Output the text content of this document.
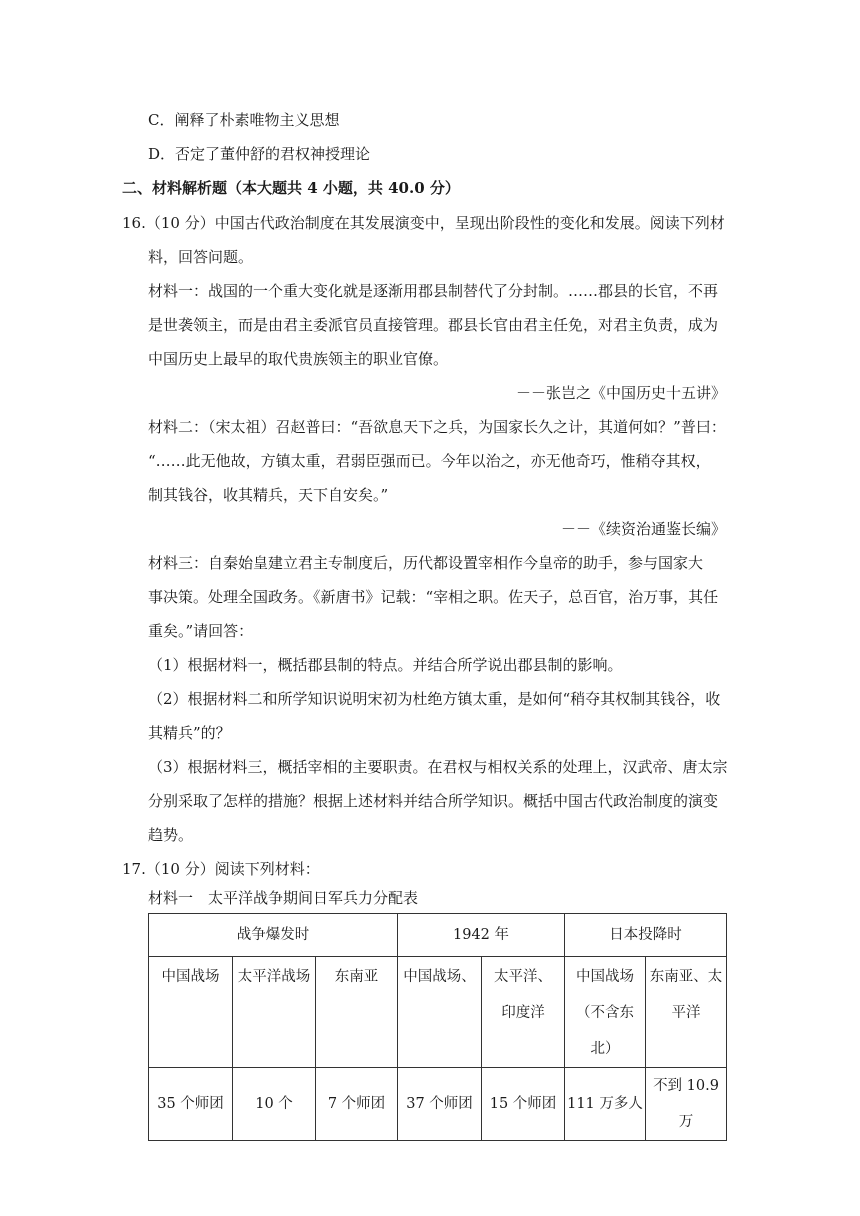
C．阐释了朴素唯物主义思想
D．否定了董仲舒的君权神授理论
二、材料解析题（本大题共 4 小题，共 40.0 分）
16.（10 分）中国古代政治制度在其发展演变中，呈现出阶段性的变化和发展。阅读下列材
料，回答问题。
材料一：战国的一个重大变化就是逐渐用郡县制替代了分封制。……郡县的长官，不再
是世袭领主，而是由君主委派官员直接管理。郡县长官由君主任免，对君主负责，成为
中国历史上最早的取代贵族领主的职业官僚。
－－张岂之《中国历史十五讲》
材料二：（宋太祖）召赵普曰：“吾欲息天下之兵，为国家长久之计，其道何如？”普曰：
“……此无他故，方镇太重，君弱臣强而已。今年以治之，亦无他奇巧，惟稍夺其权，
制其钱谷，收其精兵，天下自安矣。”
－－《续资治通鉴长编》
材料三：自秦始皇建立君主专制度后，历代都设置宰相作今皇帝的助手，参与国家大
事决策。处理全国政务。《新唐书》记载：“宰相之职。佐天子，总百官，治万事，其任
重矣。”请回答：
（1）根据材料一，概括郡县制的特点。并结合所学说出郡县制的影响。
（2）根据材料二和所学知识说明宋初为杜绝方镇太重，是如何“稍夺其权制其钱谷，收
其精兵”的？
（3）根据材料三，概括宰相的主要职责。在君权与相权关系的处理上，汉武帝、唐太宗
分别采取了怎样的措施？根据上述材料并结合所学知识。概括中国古代政治制度的演变
趋势。
17.（10 分）阅读下列材料：
材料一　太平洋战争期间日军兵力分配表
战争爆发时			1942 年		日本投降时	

中国战场	太平洋战场	东南亚	中国战场、	太平洋、
印度洋	中国战场
（不含东
北）	东南亚、太
平洋

35 个师团	10 个	7 个师团	37 个师团	15 个师团	111 万多人	不到 10.9 万
